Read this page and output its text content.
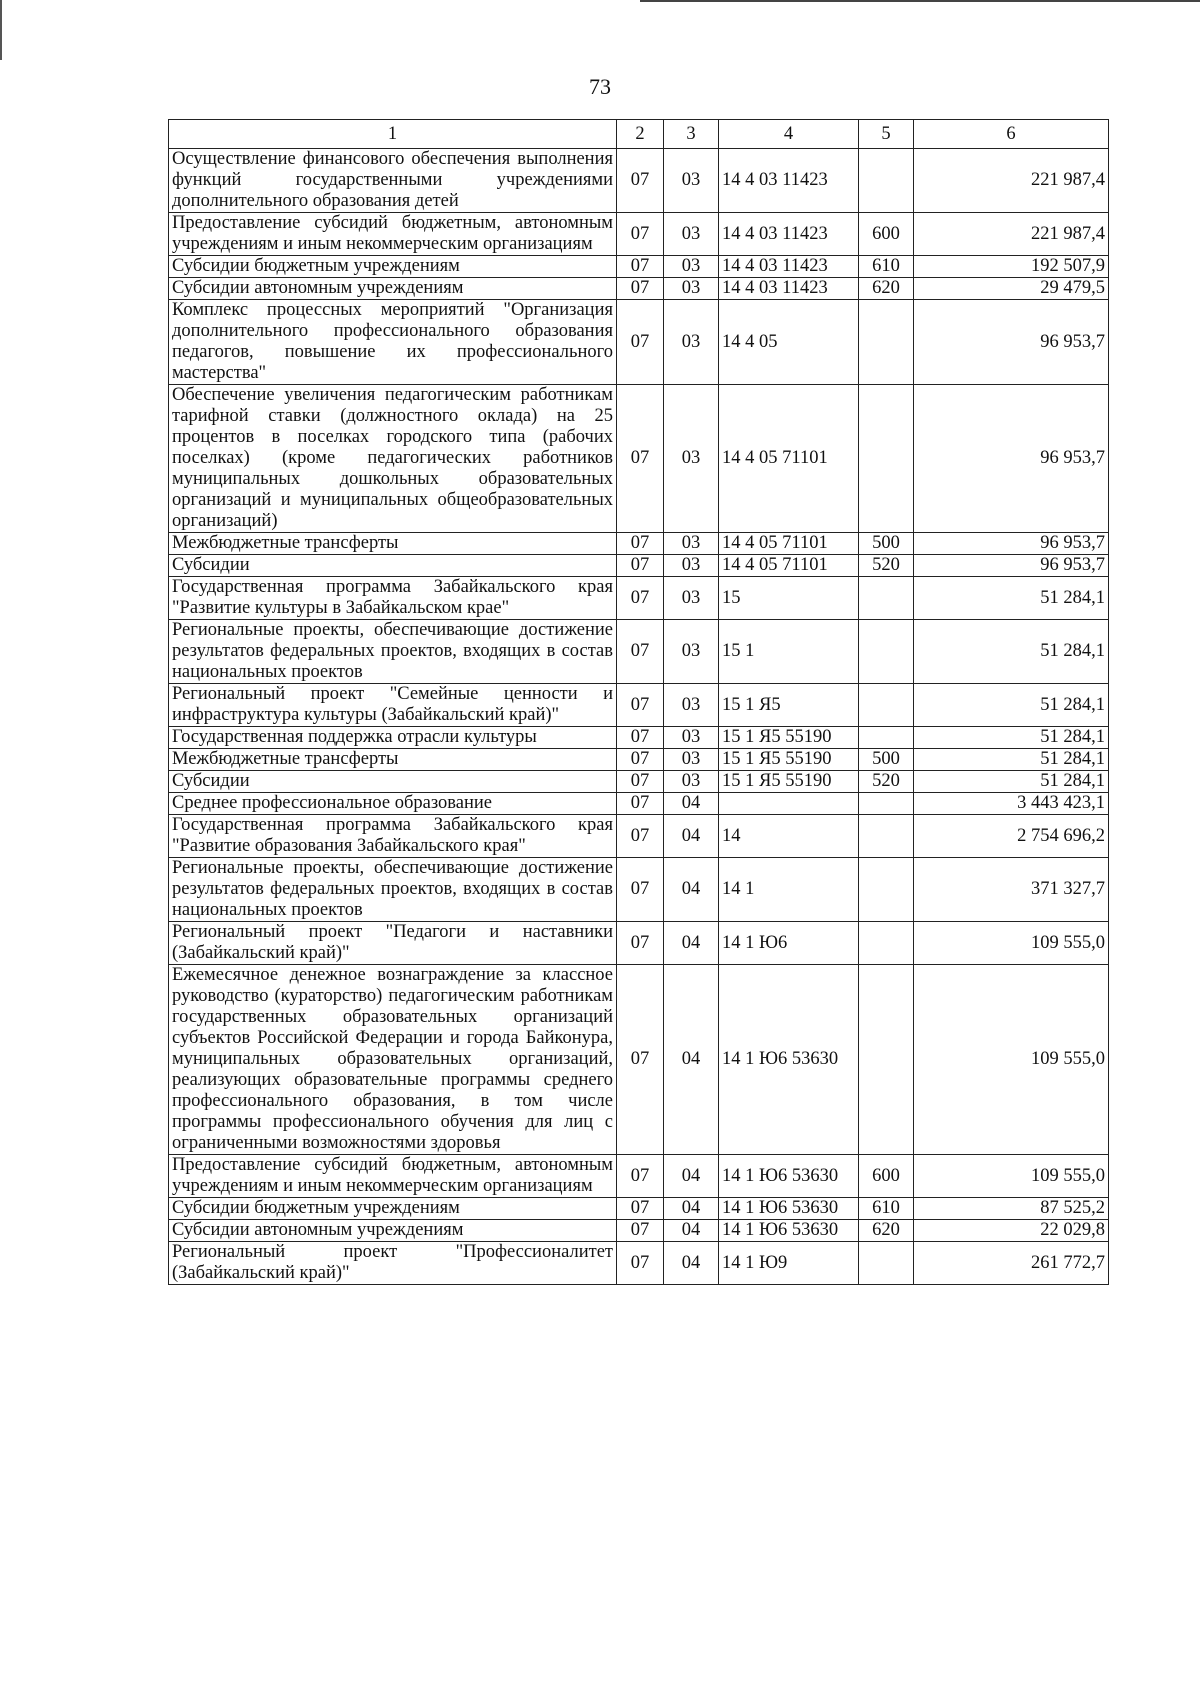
73
1	2	3	4	5	6
Осуществление финансового обеспечения выполнения функций государственными учреждениями дополнительного образования детей	07	03	14 4 03 11423		221 987,4
Предоставление субсидий бюджетным, автономным учреждениям и иным некоммерческим организациям	07	03	14 4 03 11423	600	221 987,4
Субсидии бюджетным учреждениям	07	03	14 4 03 11423	610	192 507,9
Субсидии автономным учреждениям	07	03	14 4 03 11423	620	29 479,5
Комплекс процессных мероприятий "Организация дополнительного профессионального образования педагогов, повышение их профессионального мастерства"	07	03	14 4 05		96 953,7
Обеспечение увеличения педагогическим работникам тарифной ставки (должностного оклада) на 25 процентов в поселках городского типа (рабочих поселках) (кроме педагогических работников муниципальных дошкольных образовательных организаций и муниципальных общеобразовательных организаций)	07	03	14 4 05 71101		96 953,7
Межбюджетные трансферты	07	03	14 4 05 71101	500	96 953,7
Субсидии	07	03	14 4 05 71101	520	96 953,7
Государственная программа Забайкальского края "Развитие культуры в Забайкальском крае"	07	03	15		51 284,1
Региональные проекты, обеспечивающие достижение результатов федеральных проектов, входящих в состав национальных проектов	07	03	15 1		51 284,1
Региональный проект "Семейные ценности и инфраструктура культуры (Забайкальский край)"	07	03	15 1 Я5		51 284,1
Государственная поддержка отрасли культуры	07	03	15 1 Я5 55190		51 284,1
Межбюджетные трансферты	07	03	15 1 Я5 55190	500	51 284,1
Субсидии	07	03	15 1 Я5 55190	520	51 284,1
Среднее профессиональное образование	07	04			3 443 423,1
Государственная программа Забайкальского края "Развитие образования Забайкальского края"	07	04	14		2 754 696,2
Региональные проекты, обеспечивающие достижение результатов федеральных проектов, входящих в состав национальных проектов	07	04	14 1		371 327,7
Региональный проект "Педагоги и наставники (Забайкальский край)"	07	04	14 1 Ю6		109 555,0
Ежемесячное денежное вознаграждение за классное руководство (кураторство) педагогическим работникам государственных образовательных организаций субъектов Российской Федерации и города Байконура, муниципальных образовательных организаций, реализующих образовательные программы среднего профессионального образования, в том числе программы профессионального обучения для лиц с ограниченными возможностями здоровья	07	04	14 1 Ю6 53630		109 555,0
Предоставление субсидий бюджетным, автономным учреждениям и иным некоммерческим организациям	07	04	14 1 Ю6 53630	600	109 555,0
Субсидии бюджетным учреждениям	07	04	14 1 Ю6 53630	610	87 525,2
Субсидии автономным учреждениям	07	04	14 1 Ю6 53630	620	22 029,8
Региональный проект "Профессионалитет (Забайкальский край)"	07	04	14 1 Ю9		261 772,7
